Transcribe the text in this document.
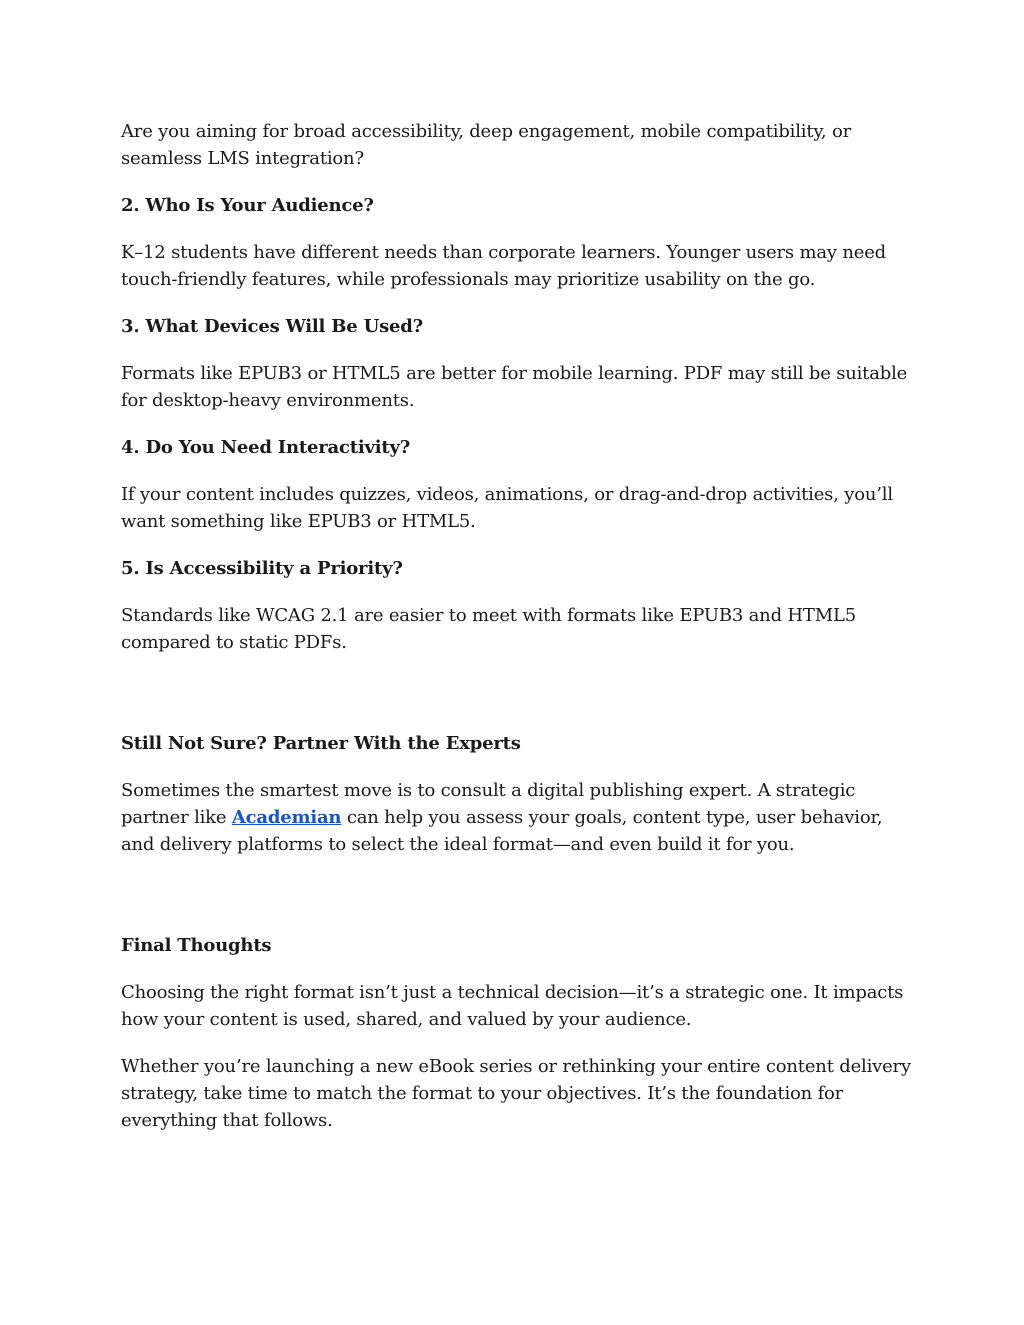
Are you aiming for broad accessibility, deep engagement, mobile compatibility, or seamless LMS integration?

2. Who Is Your Audience?

K–12 students have different needs than corporate learners. Younger users may need touch-friendly features, while professionals may prioritize usability on the go.

3. What Devices Will Be Used?

Formats like EPUB3 or HTML5 are better for mobile learning. PDF may still be suitable for desktop-heavy environments.

4. Do You Need Interactivity?

If your content includes quizzes, videos, animations, or drag-and-drop activities, you’ll want something like EPUB3 or HTML5.

5. Is Accessibility a Priority?

Standards like WCAG 2.1 are easier to meet with formats like EPUB3 and HTML5 compared to static PDFs.

Still Not Sure? Partner With the Experts

Sometimes the smartest move is to consult a digital publishing expert. A strategic partner like Academian can help you assess your goals, content type, user behavior, and delivery platforms to select the ideal format—and even build it for you.

Final Thoughts

Choosing the right format isn’t just a technical decision—it’s a strategic one. It impacts how your content is used, shared, and valued by your audience.

Whether you’re launching a new eBook series or rethinking your entire content delivery strategy, take time to match the format to your objectives. It’s the foundation for everything that follows.
